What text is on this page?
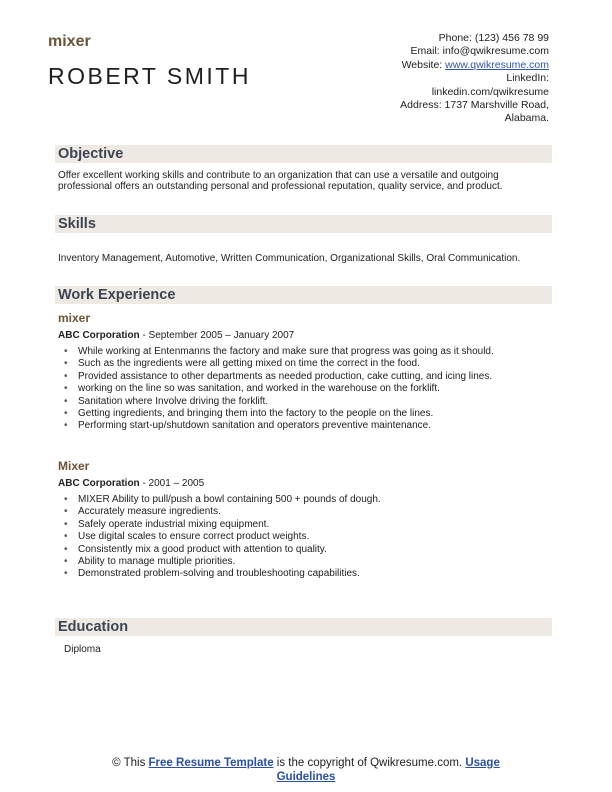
mixer
ROBERT SMITH
Phone: (123) 456 78 99
Email: info@qwikresume.com
Website: www.qwikresume.com
LinkedIn:
linkedin.com/qwikresume
Address: 1737 Marshville Road,
Alabama.
Objective
Offer excellent working skills and contribute to an organization that can use a versatile and outgoing professional offers an outstanding personal and professional reputation, quality service, and product.
Skills
Inventory Management, Automotive, Written Communication, Organizational Skills, Oral Communication.
Work Experience
mixer
ABC Corporation - September 2005 – January 2007
• While working at Entenmanns the factory and make sure that progress was going as it should.
• Such as the ingredients were all getting mixed on time the correct in the food.
• Provided assistance to other departments as needed production, cake cutting, and icing lines.
• working on the line so was sanitation, and worked in the warehouse on the forklift.
• Sanitation where Involve driving the forklift.
• Getting ingredients, and bringing them into the factory to the people on the lines.
• Performing start-up/shutdown sanitation and operators preventive maintenance.
Mixer
ABC Corporation - 2001 – 2005
• MIXER Ability to pull/push a bowl containing 500 + pounds of dough.
• Accurately measure ingredients.
• Safely operate industrial mixing equipment.
• Use digital scales to ensure correct product weights.
• Consistently mix a good product with attention to quality.
• Ability to manage multiple priorities.
• Demonstrated problem-solving and troubleshooting capabilities.
Education
Diploma
© This Free Resume Template is the copyright of Qwikresume.com. Usage
Guidelines
